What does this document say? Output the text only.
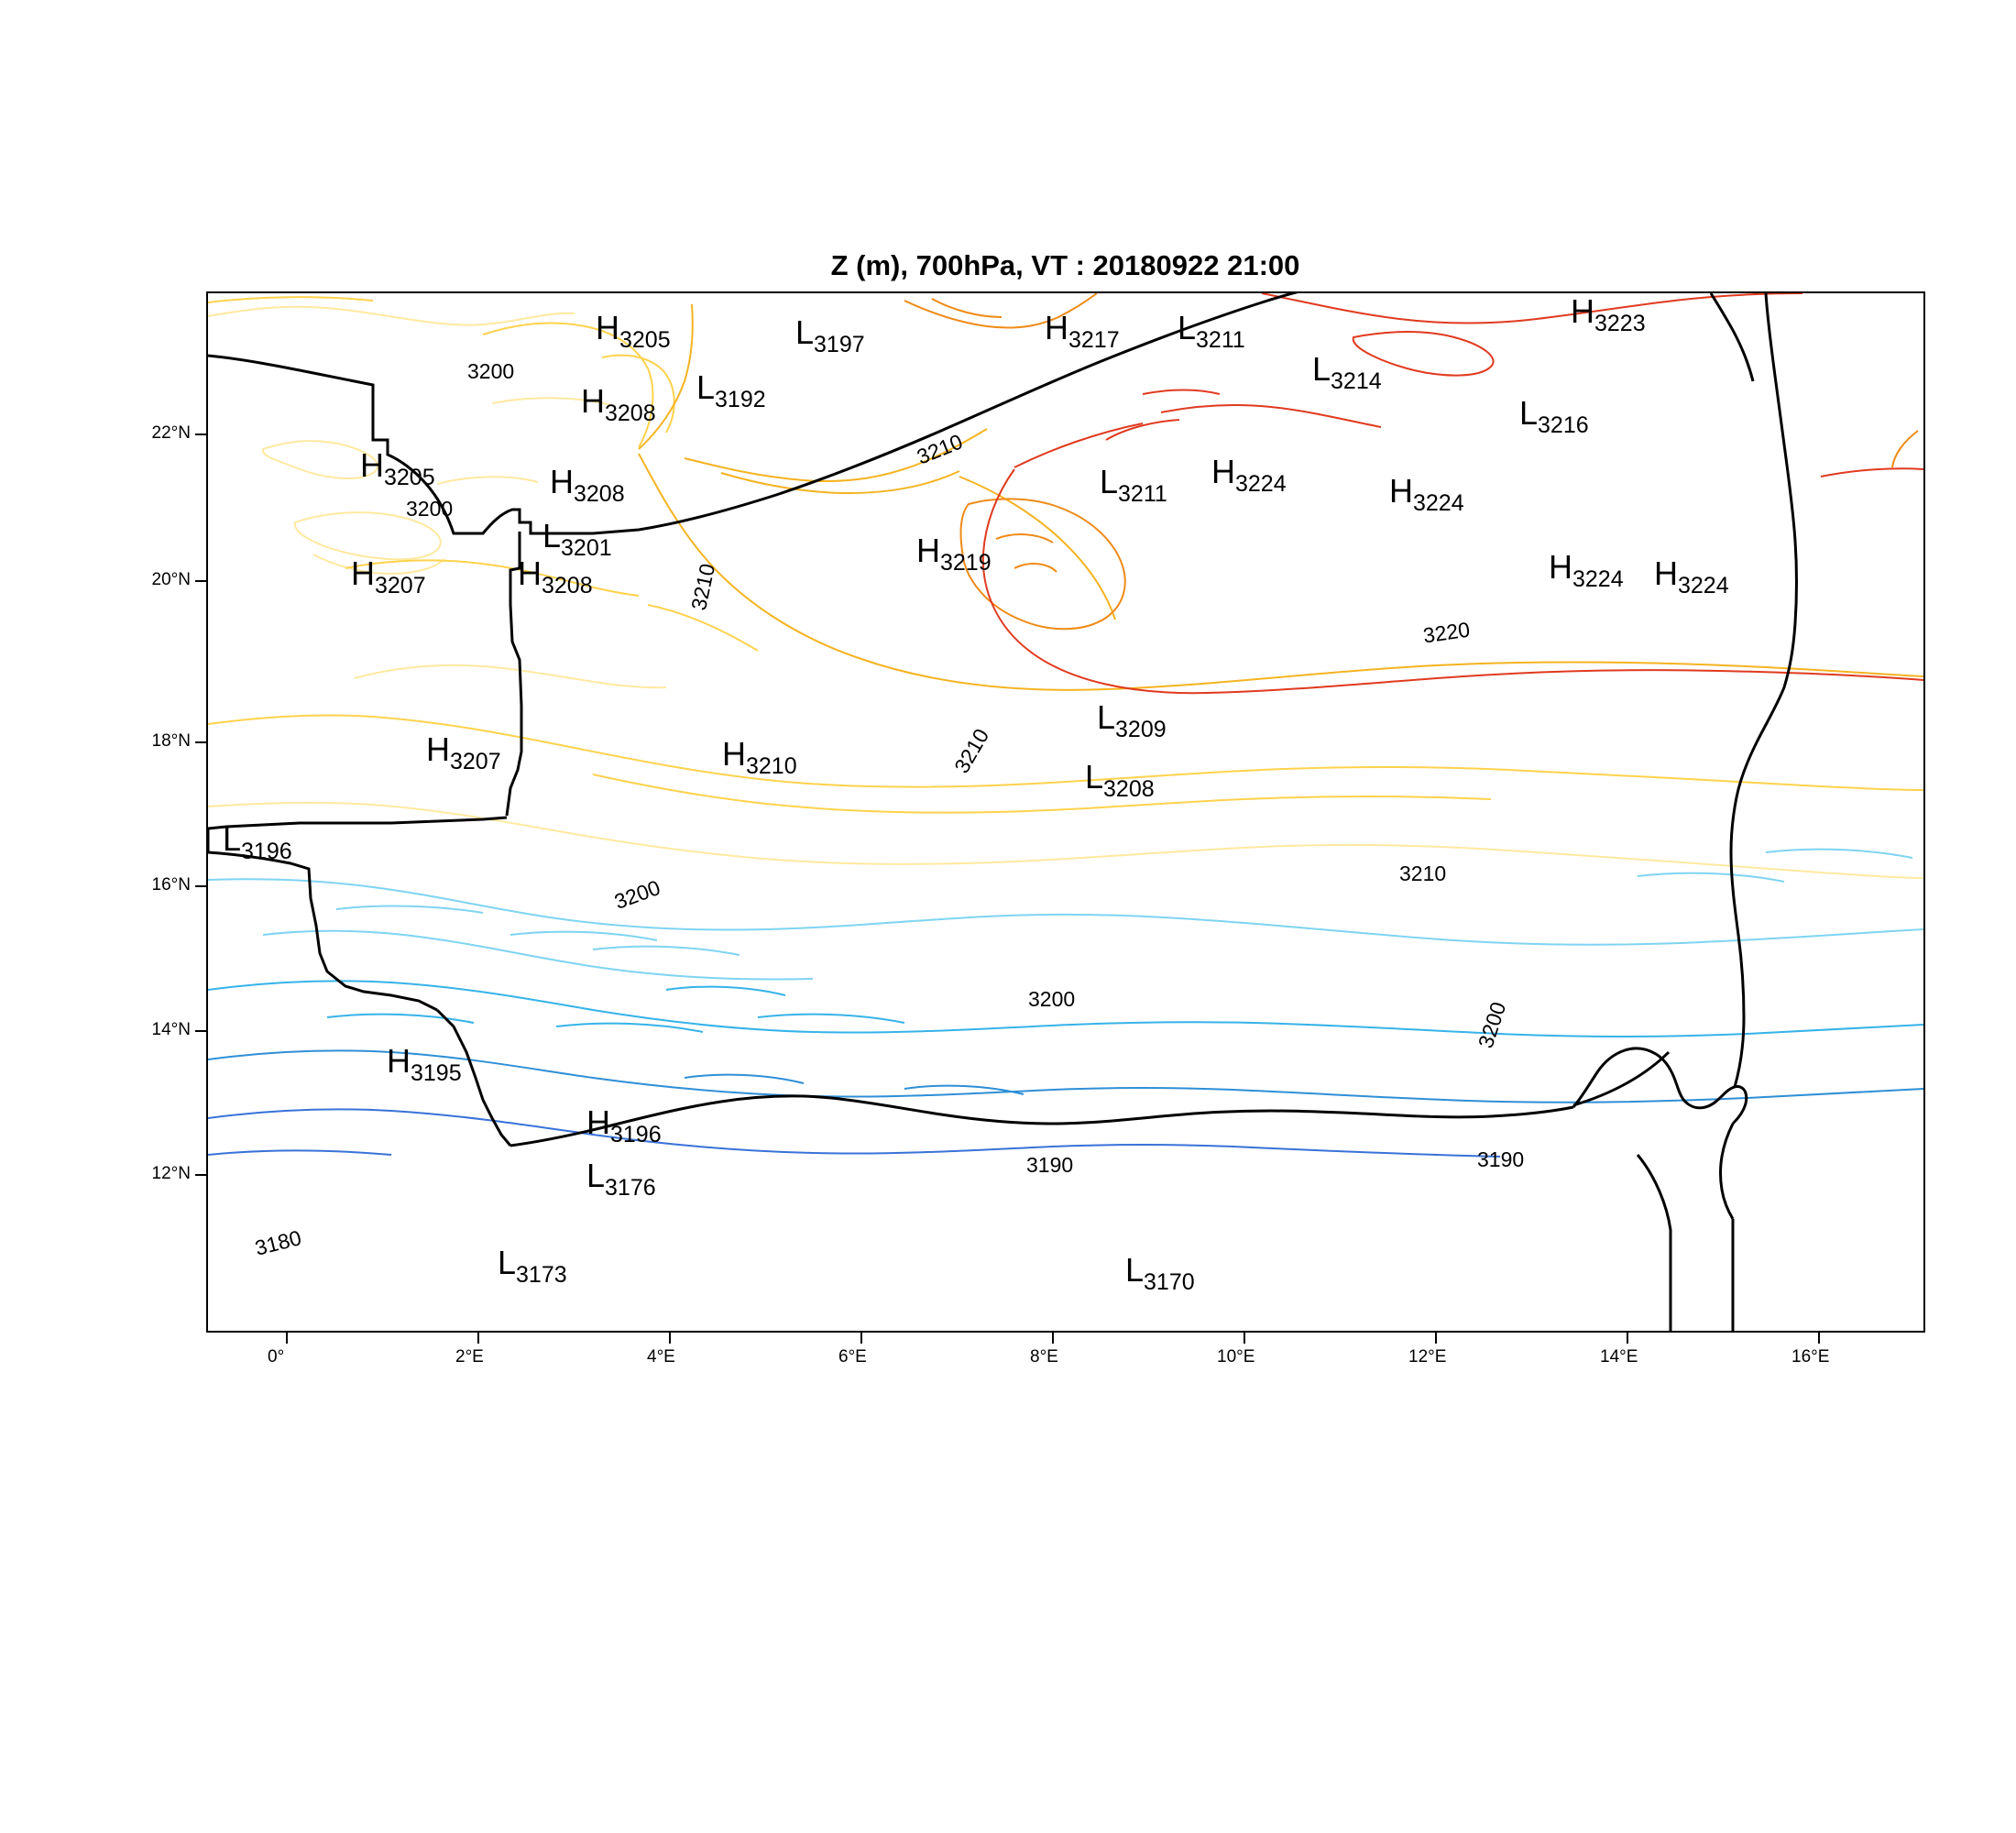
Z (m), 700hPa, VT : 20180922 21:00
0°	2°E	4°E	6°E	8°E	10°E	12°E	14°E	16°E
12°N
14°N
16°N
18°N
20°N
22°N
3200
3210
3200
3210
3220
3210
3210
3200
3200	3200
3190	3190
3180
H3205	L3197	H3217 L3211
H3223
H3208
L3192
L3214
L3216
H3205	H3208	L3211
H3224	H3224
L3201	H3219
H3207	H3208	H3224 H3224
L3209
H3207	H3210	L3208
L3196
H3195
H3196
L3176
L3173	L3170
